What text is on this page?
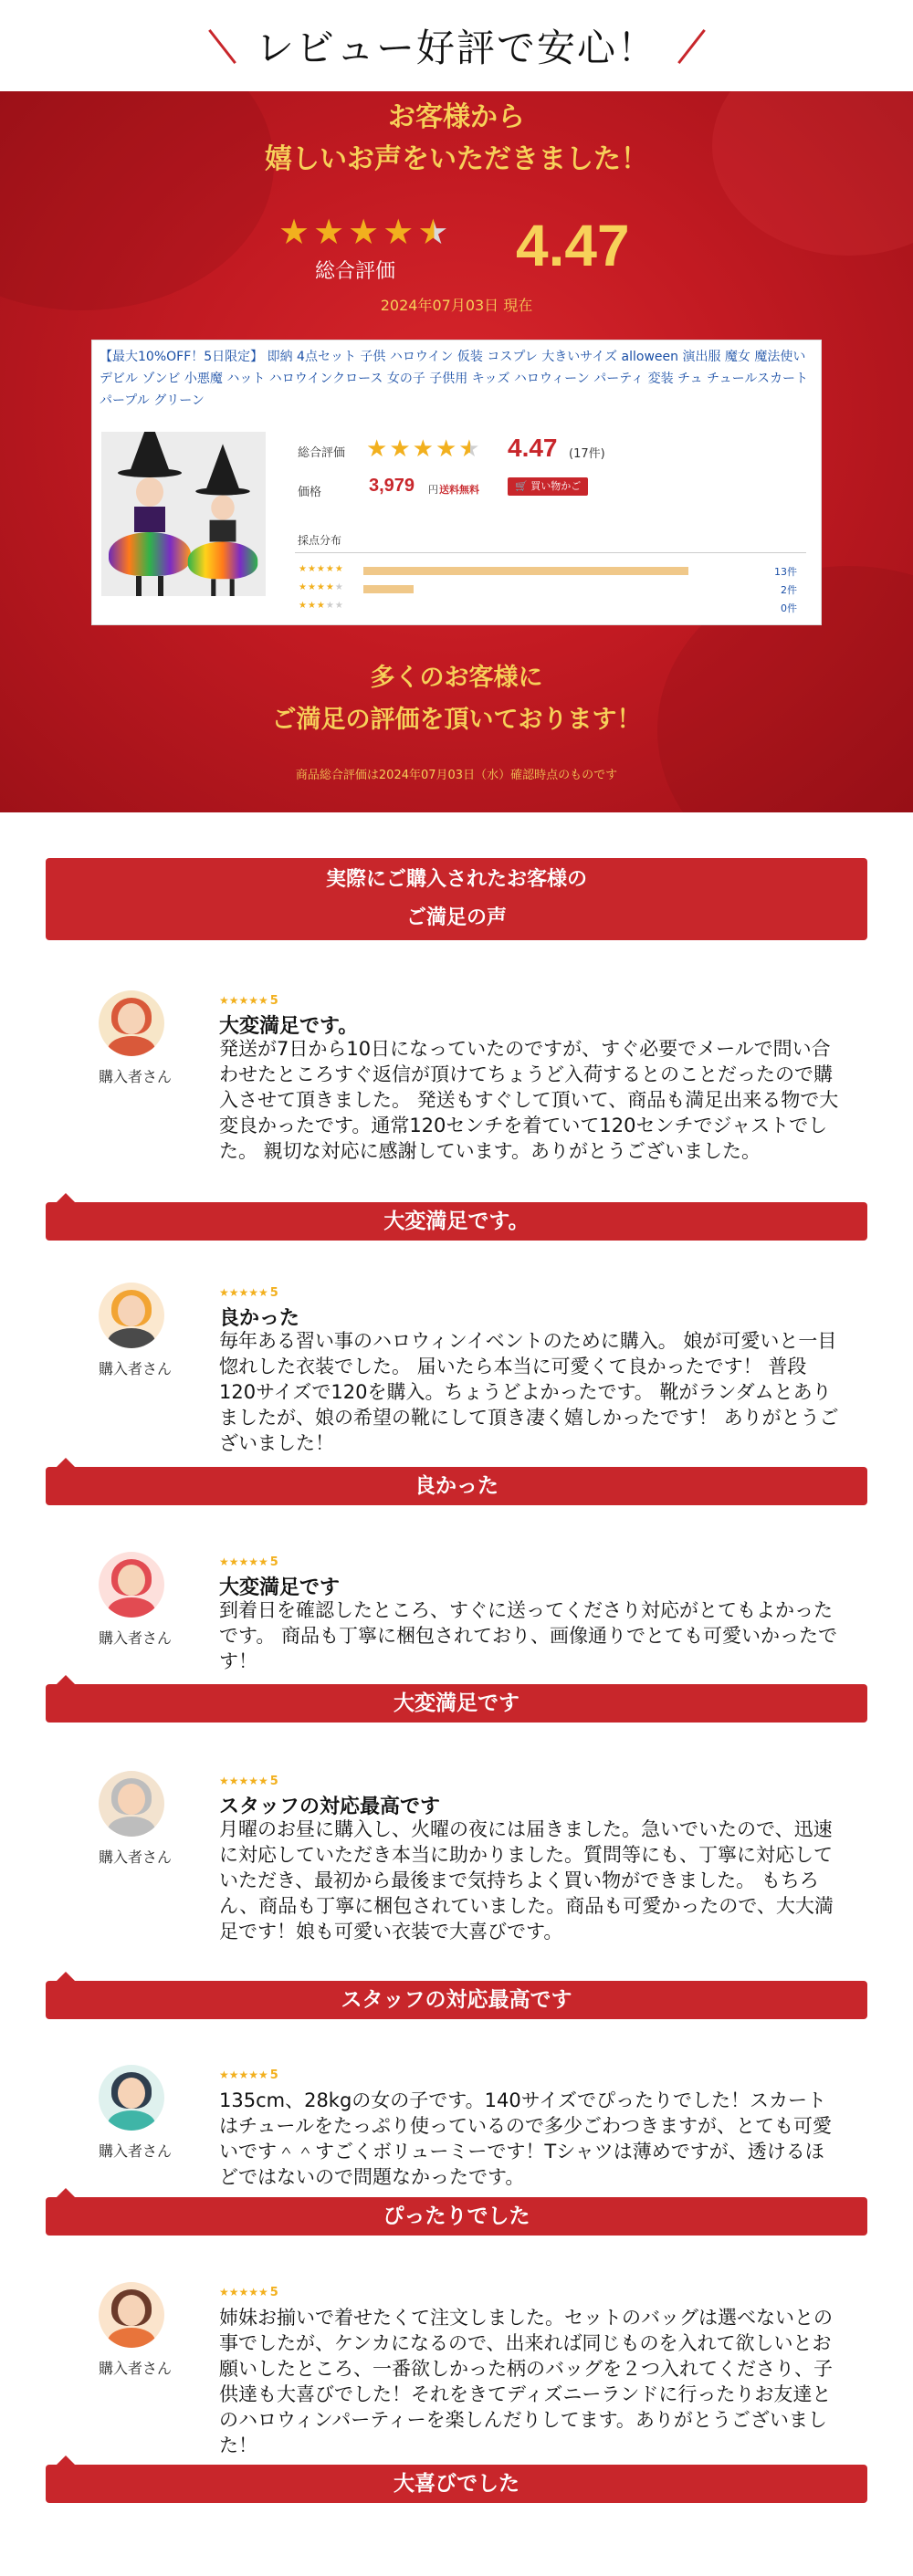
レビュー好評で安心！
お客様から
嬉しいお声をいただきました！
★ ★ ★ ★ ★
総合評価 4.47
2024年07月03日 現在
【最大10%OFF！5日限定】 即納 4点セット 子供 ハロウイン 仮装 コスプレ 大きいサイズ alloween 演出服 魔女 魔法使い デビル ゾンビ 小悪魔 ハット ハロウインクロース 女の子 子供用 キッズ ハロウィーン パーティ 変装 チュ チュールスカート パープル グリーン
総合評価 ★ ★ ★ ★ ★ 4.47 (17件)
価格	3,979 円 送料無料	🛒 買い物かご
採点分布
★★★★★	13件
★★★★★	2件
★★★★★	0件
多くのお客様に
ご満足の評価を頂いております！
商品総合評価は2024年07月03日（水）確認時点のものです
実際にご購入されたお客様の
ご満足の声
購入者さん
★★★★★ 5
大変満足です。
発送が7日から10日になっていたのですが、すぐ必要でメールで問い合わせたところすぐ返信が頂けてちょうど入荷するとのことだったので購入させて頂きました。 発送もすぐして頂いて、商品も満足出来る物で大変良かったです。通常120センチを着ていて120センチでジャストでした。 親切な対応に感謝しています。ありがとうございました。
大変満足です。
購入者さん
★★★★★ 5
良かった
毎年ある習い事のハロウィンイベントのために購入。 娘が可愛いと一目惚れした衣装でした。 届いたら本当に可愛くて良かったです！ 普段120サイズで120を購入。ちょうどよかったです。 靴がランダムとありましたが、娘の希望の靴にして頂き凄く嬉しかったです！ ありがとうございました！
良かった
購入者さん
★★★★★ 5
大変満足です
到着日を確認したところ、すぐに送ってくださり対応がとてもよかったです。 商品も丁寧に梱包されており、画像通りでとても可愛いかったです！
大変満足です
購入者さん
★★★★★ 5
スタッフの対応最高です
月曜のお昼に購入し、火曜の夜には届きました。急いでいたので、迅速に対応していただき本当に助かりました。質問等にも、丁寧に対応していただき、最初から最後まで気持ちよく買い物ができました。 もちろん、商品も丁寧に梱包されていました。商品も可愛かったので、大大満足です！娘も可愛い衣装で大喜びです。
スタッフの対応最高です
購入者さん
★★★★★ 5
135cm、28kgの女の子です。140サイズでぴったりでした！スカートはチュールをたっぷり使っているので多少ごわつきますが、とても可愛いです＾＾すごくボリューミーです！Tシャツは薄めですが、透けるほどではないので問題なかったです。
ぴったりでした
購入者さん
★★★★★ 5
姉妹お揃いで着せたくて注文しました。セットのバッグは選べないとの事でしたが、ケンカになるので、出来れば同じものを入れて欲しいとお願いしたところ、一番欲しかった柄のバッグを２つ入れてくださり、子供達も大喜びでした！それをきてディズニーランドに行ったりお友達とのハロウィンパーティーを楽しんだりしてます。ありがとうございました！
大喜びでした
